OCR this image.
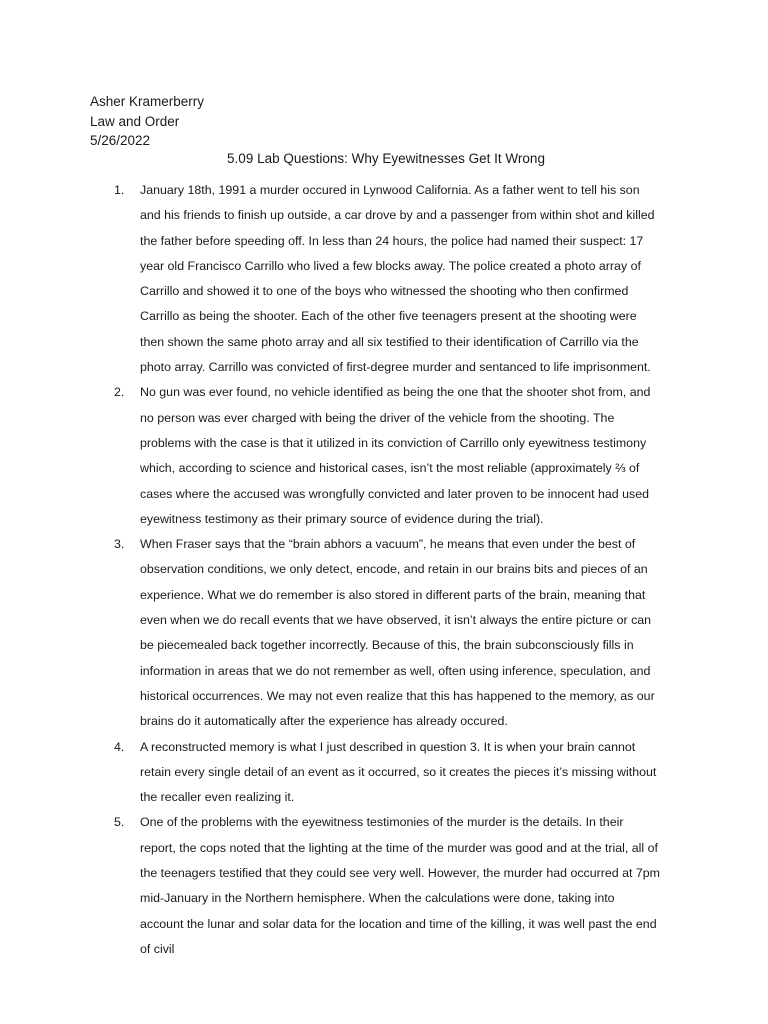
Asher Kramerberry
Law and Order
5/26/2022
5.09 Lab Questions: Why Eyewitnesses Get It Wrong
1. January 18th, 1991 a murder occured in Lynwood California. As a father went to tell his son and his friends to finish up outside, a car drove by and a passenger from within shot and killed the father before speeding off. In less than 24 hours, the police had named their suspect: 17 year old Francisco Carrillo who lived a few blocks away. The police created a photo array of Carrillo and showed it to one of the boys who witnessed the shooting who then confirmed Carrillo as being the shooter. Each of the other five teenagers present at the shooting were then shown the same photo array and all six testified to their identification of Carrillo via the photo array. Carrillo was convicted of first-degree murder and sentanced to life imprisonment.
2. No gun was ever found, no vehicle identified as being the one that the shooter shot from, and no person was ever charged with being the driver of the vehicle from the shooting. The problems with the case is that it utilized in its conviction of Carrillo only eyewitness testimony which, according to science and historical cases, isn’t the most reliable (approximately ⅔ of cases where the accused was wrongfully convicted and later proven to be innocent had used eyewitness testimony as their primary source of evidence during the trial).
3. When Fraser says that the “brain abhors a vacuum”, he means that even under the best of observation conditions, we only detect, encode, and retain in our brains bits and pieces of an experience. What we do remember is also stored in different parts of the brain, meaning that even when we do recall events that we have observed, it isn’t always the entire picture or can be piecemealed back together incorrectly. Because of this, the brain subconsciously fills in information in areas that we do not remember as well, often using inference, speculation, and historical occurrences. We may not even realize that this has happened to the memory, as our brains do it automatically after the experience has already occured.
4. A reconstructed memory is what I just described in question 3. It is when your brain cannot retain every single detail of an event as it occurred, so it creates the pieces it’s missing without the recaller even realizing it.
5. One of the problems with the eyewitness testimonies of the murder is the details. In their report, the cops noted that the lighting at the time of the murder was good and at the trial, all of the teenagers testified that they could see very well. However, the murder had occurred at 7pm mid-January in the Northern hemisphere. When the calculations were done, taking into account the lunar and solar data for the location and time of the killing, it was well past the end of civil
